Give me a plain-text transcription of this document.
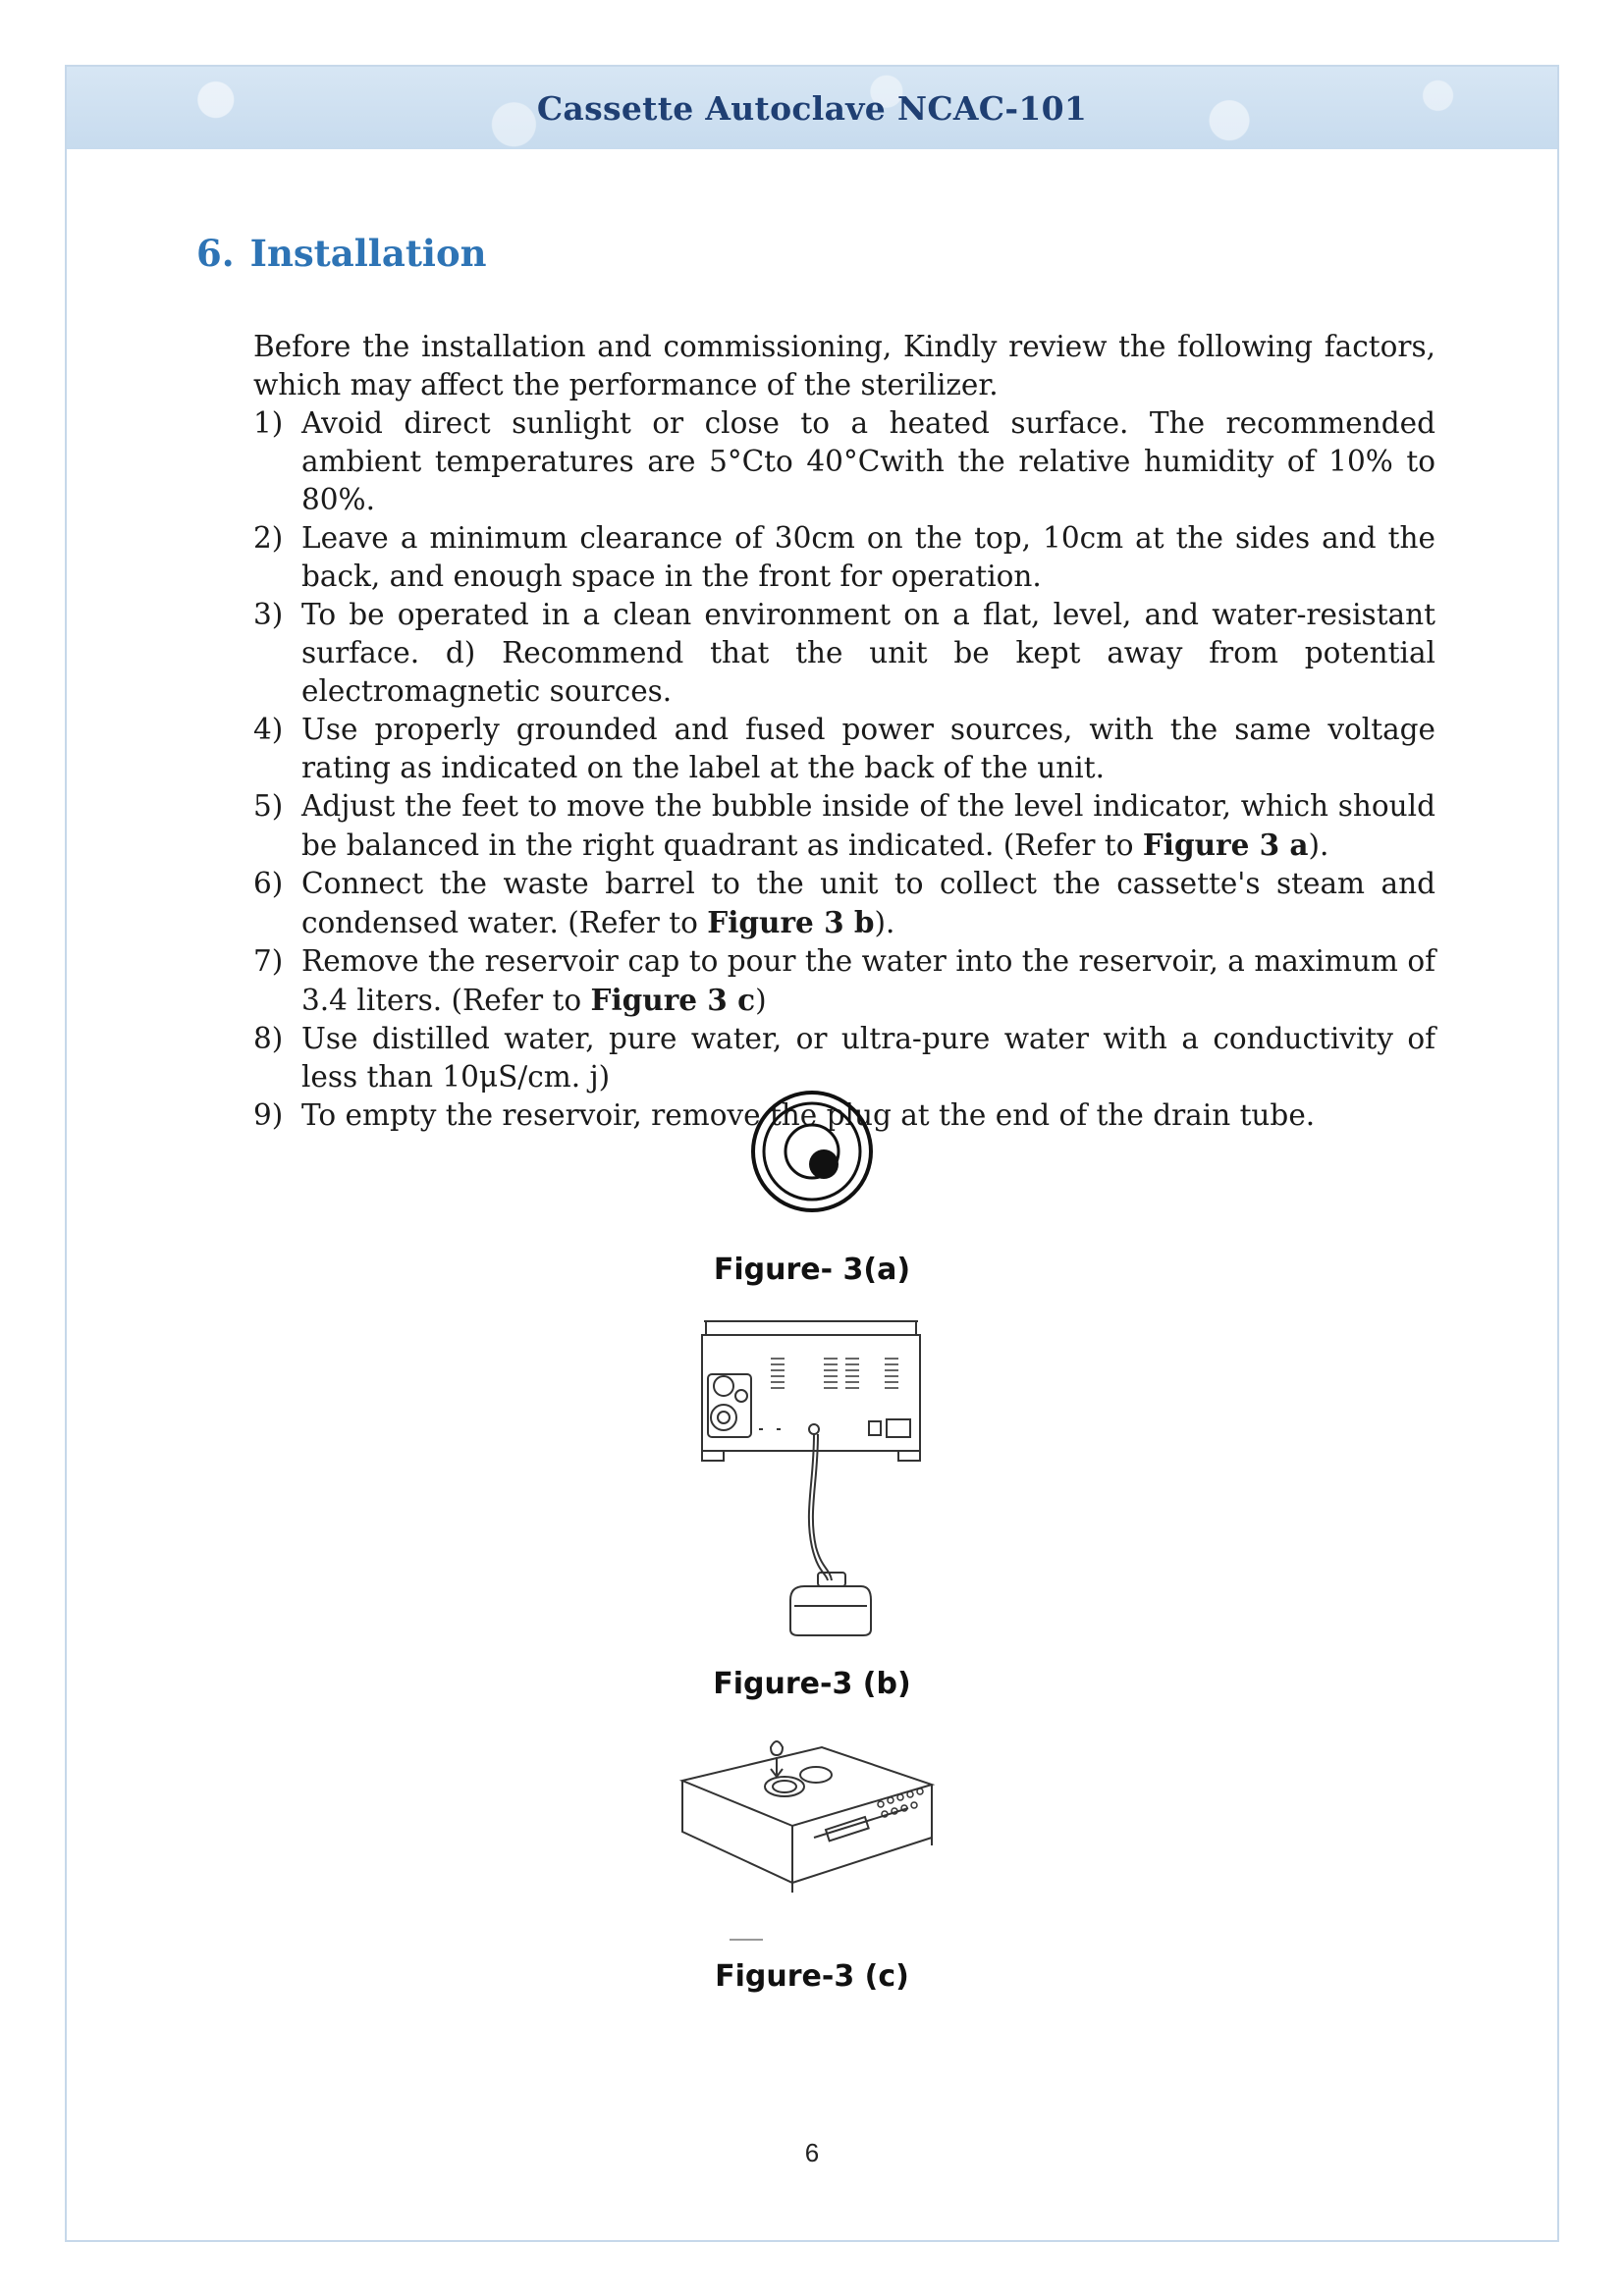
Cassette Autoclave NCAC-101
6. Installation

Before the installation and commissioning, Kindly review the following factors, which may affect the performance of the sterilizer.

1) Avoid direct sunlight or close to a heated surface. The recommended ambient temperatures are 5°Cto 40°Cwith the relative humidity of 10% to 80%.
2) Leave a minimum clearance of 30cm on the top, 10cm at the sides and the back, and enough space in the front for operation.
3) To be operated in a clean environment on a flat, level, and water-resistant surface. d) Recommend that the unit be kept away from potential electromagnetic sources.
4) Use properly grounded and fused power sources, with the same voltage rating as indicated on the label at the back of the unit.
5) Adjust the feet to move the bubble inside of the level indicator, which should be balanced in the right quadrant as indicated. (Refer to Figure 3 a).
6) Connect the waste barrel to the unit to collect the cassette's steam and condensed water. (Refer to Figure 3 b).
7) Remove the reservoir cap to pour the water into the reservoir, a maximum of 3.4 liters. (Refer to Figure 3 c)
8) Use distilled water, pure water, or ultra-pure water with a conductivity of less than 10μS/cm. j)
9) To empty the reservoir, remove the plug at the end of the drain tube.
Figure- 3(a)
Figure-3 (b)
Figure-3 (c)
6
